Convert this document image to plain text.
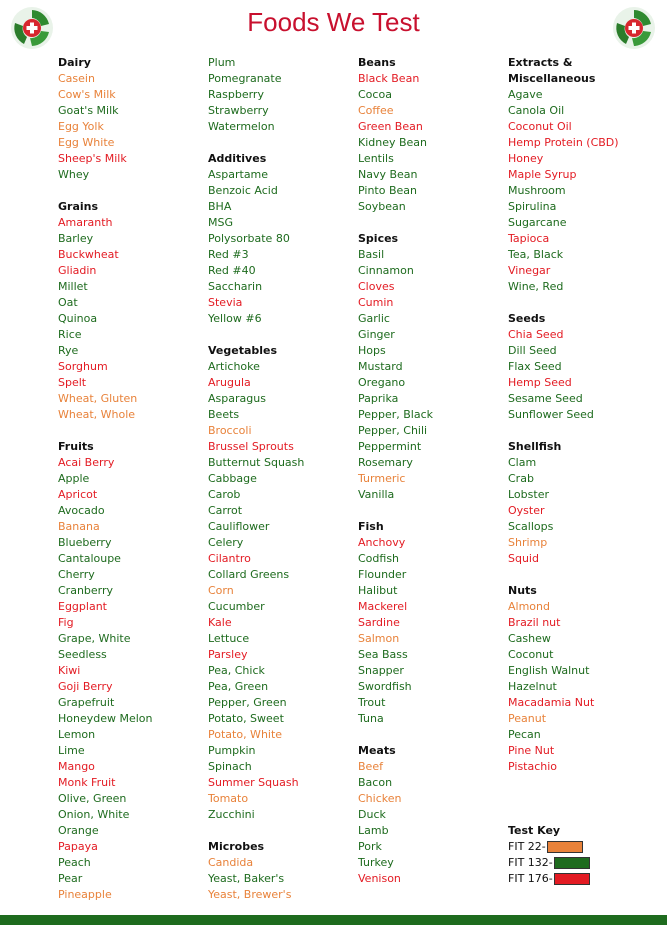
Foods We Test
Dairy
Casein
Cow's Milk
Goat's Milk
Egg Yolk
Egg White
Sheep's Milk
Whey
Grains
Amaranth
Barley
Buckwheat
Gliadin
Millet
Oat
Quinoa
Rice
Rye
Sorghum
Spelt
Wheat, Gluten
Wheat, Whole
Fruits
Acai Berry
Apple
Apricot
Avocado
Banana
Blueberry
Cantaloupe
Cherry
Cranberry
Eggplant
Fig
Grape, White
Seedless
Kiwi
Goji Berry
Grapefruit
Honeydew Melon
Lemon
Lime
Mango
Monk Fruit
Olive, Green
Onion, White
Orange
Papaya
Peach
Pear
Pineapple
Plum
Pomegranate
Raspberry
Strawberry
Watermelon
Additives
Aspartame
Benzoic Acid
BHA
MSG
Polysorbate 80
Red #3
Red #40
Saccharin
Stevia
Yellow #6
Vegetables
Artichoke
Arugula
Asparagus
Beets
Broccoli
Brussel Sprouts
Butternut Squash
Cabbage
Carob
Carrot
Cauliflower
Celery
Cilantro
Collard Greens
Corn
Cucumber
Kale
Lettuce
Parsley
Pea, Chick
Pea, Green
Pepper, Green
Potato, Sweet
Potato, White
Pumpkin
Spinach
Summer Squash
Tomato
Zucchini
Microbes
Candida
Yeast, Baker's
Yeast, Brewer's
Beans
Black Bean
Cocoa
Coffee
Green Bean
Kidney Bean
Lentils
Navy Bean
Pinto Bean
Soybean
Spices
Basil
Cinnamon
Cloves
Cumin
Garlic
Ginger
Hops
Mustard
Oregano
Paprika
Pepper, Black
Pepper, Chili
Peppermint
Rosemary
Turmeric
Vanilla
Fish
Anchovy
Codfish
Flounder
Halibut
Mackerel
Sardine
Salmon
Sea Bass
Snapper
Swordfish
Trout
Tuna
Meats
Beef
Bacon
Chicken
Duck
Lamb
Pork
Turkey
Venison
Extracts &
Miscellaneous
Agave
Canola Oil
Coconut Oil
Hemp Protein (CBD)
Honey
Maple Syrup
Mushroom
Spirulina
Sugarcane
Tapioca
Tea, Black
Vinegar
Wine, Red
Seeds
Chia Seed
Dill Seed
Flax Seed
Hemp Seed
Sesame Seed
Sunflower Seed
Shellfish
Clam
Crab
Lobster
Oyster
Scallops
Shrimp
Squid
Nuts
Almond
Brazil nut
Cashew
Coconut
English Walnut
Hazelnut
Macadamia Nut
Peanut
Pecan
Pine Nut
Pistachio
Test Key
FIT 22-
FIT 132-
FIT 176-
